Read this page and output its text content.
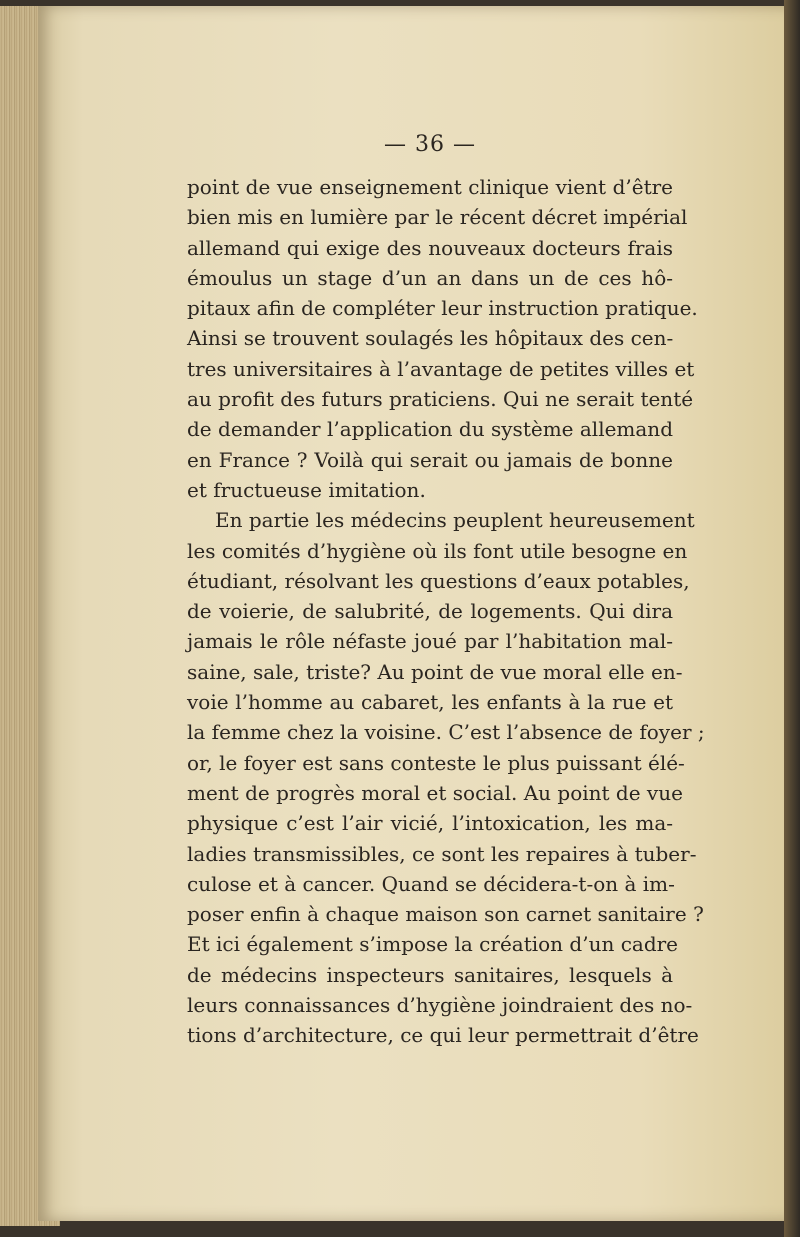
— 36 —
point de vue enseignement clinique vient d’être
bien mis en lumière par le récent décret impérial
allemand qui exige des nouveaux docteurs frais
émoulus un stage d’un an dans un de ces hô-
pitaux afin de compléter leur instruction pratique.
Ainsi se trouvent soulagés les hôpitaux des cen-
tres universitaires à l’avantage de petites villes et
au profit des futurs praticiens. Qui ne serait tenté
de demander l’application du système allemand
en France ? Voilà qui serait ou jamais de bonne
et fructueuse imitation.
En partie les médecins peuplent heureusement
les comités d’hygiène où ils font utile besogne en
étudiant, résolvant les questions d’eaux potables,
de voierie, de salubrité, de logements. Qui dira
jamais le rôle néfaste joué par l’habitation mal-
saine, sale, triste? Au point de vue moral elle en-
voie l’homme au cabaret, les enfants à la rue et
la femme chez la voisine. C’est l’absence de foyer ;
or, le foyer est sans conteste le plus puissant élé-
ment de progrès moral et social. Au point de vue
physique c’est l’air vicié, l’intoxication, les ma-
ladies transmissibles, ce sont les repaires à tuber-
culose et à cancer. Quand se décidera-t-on à im-
poser enfin à chaque maison son carnet sanitaire ?
Et ici également s’impose la création d’un cadre
de médecins inspecteurs sanitaires, lesquels à
leurs connaissances d’hygiène joindraient des no-
tions d’architecture, ce qui leur permettrait d’être
